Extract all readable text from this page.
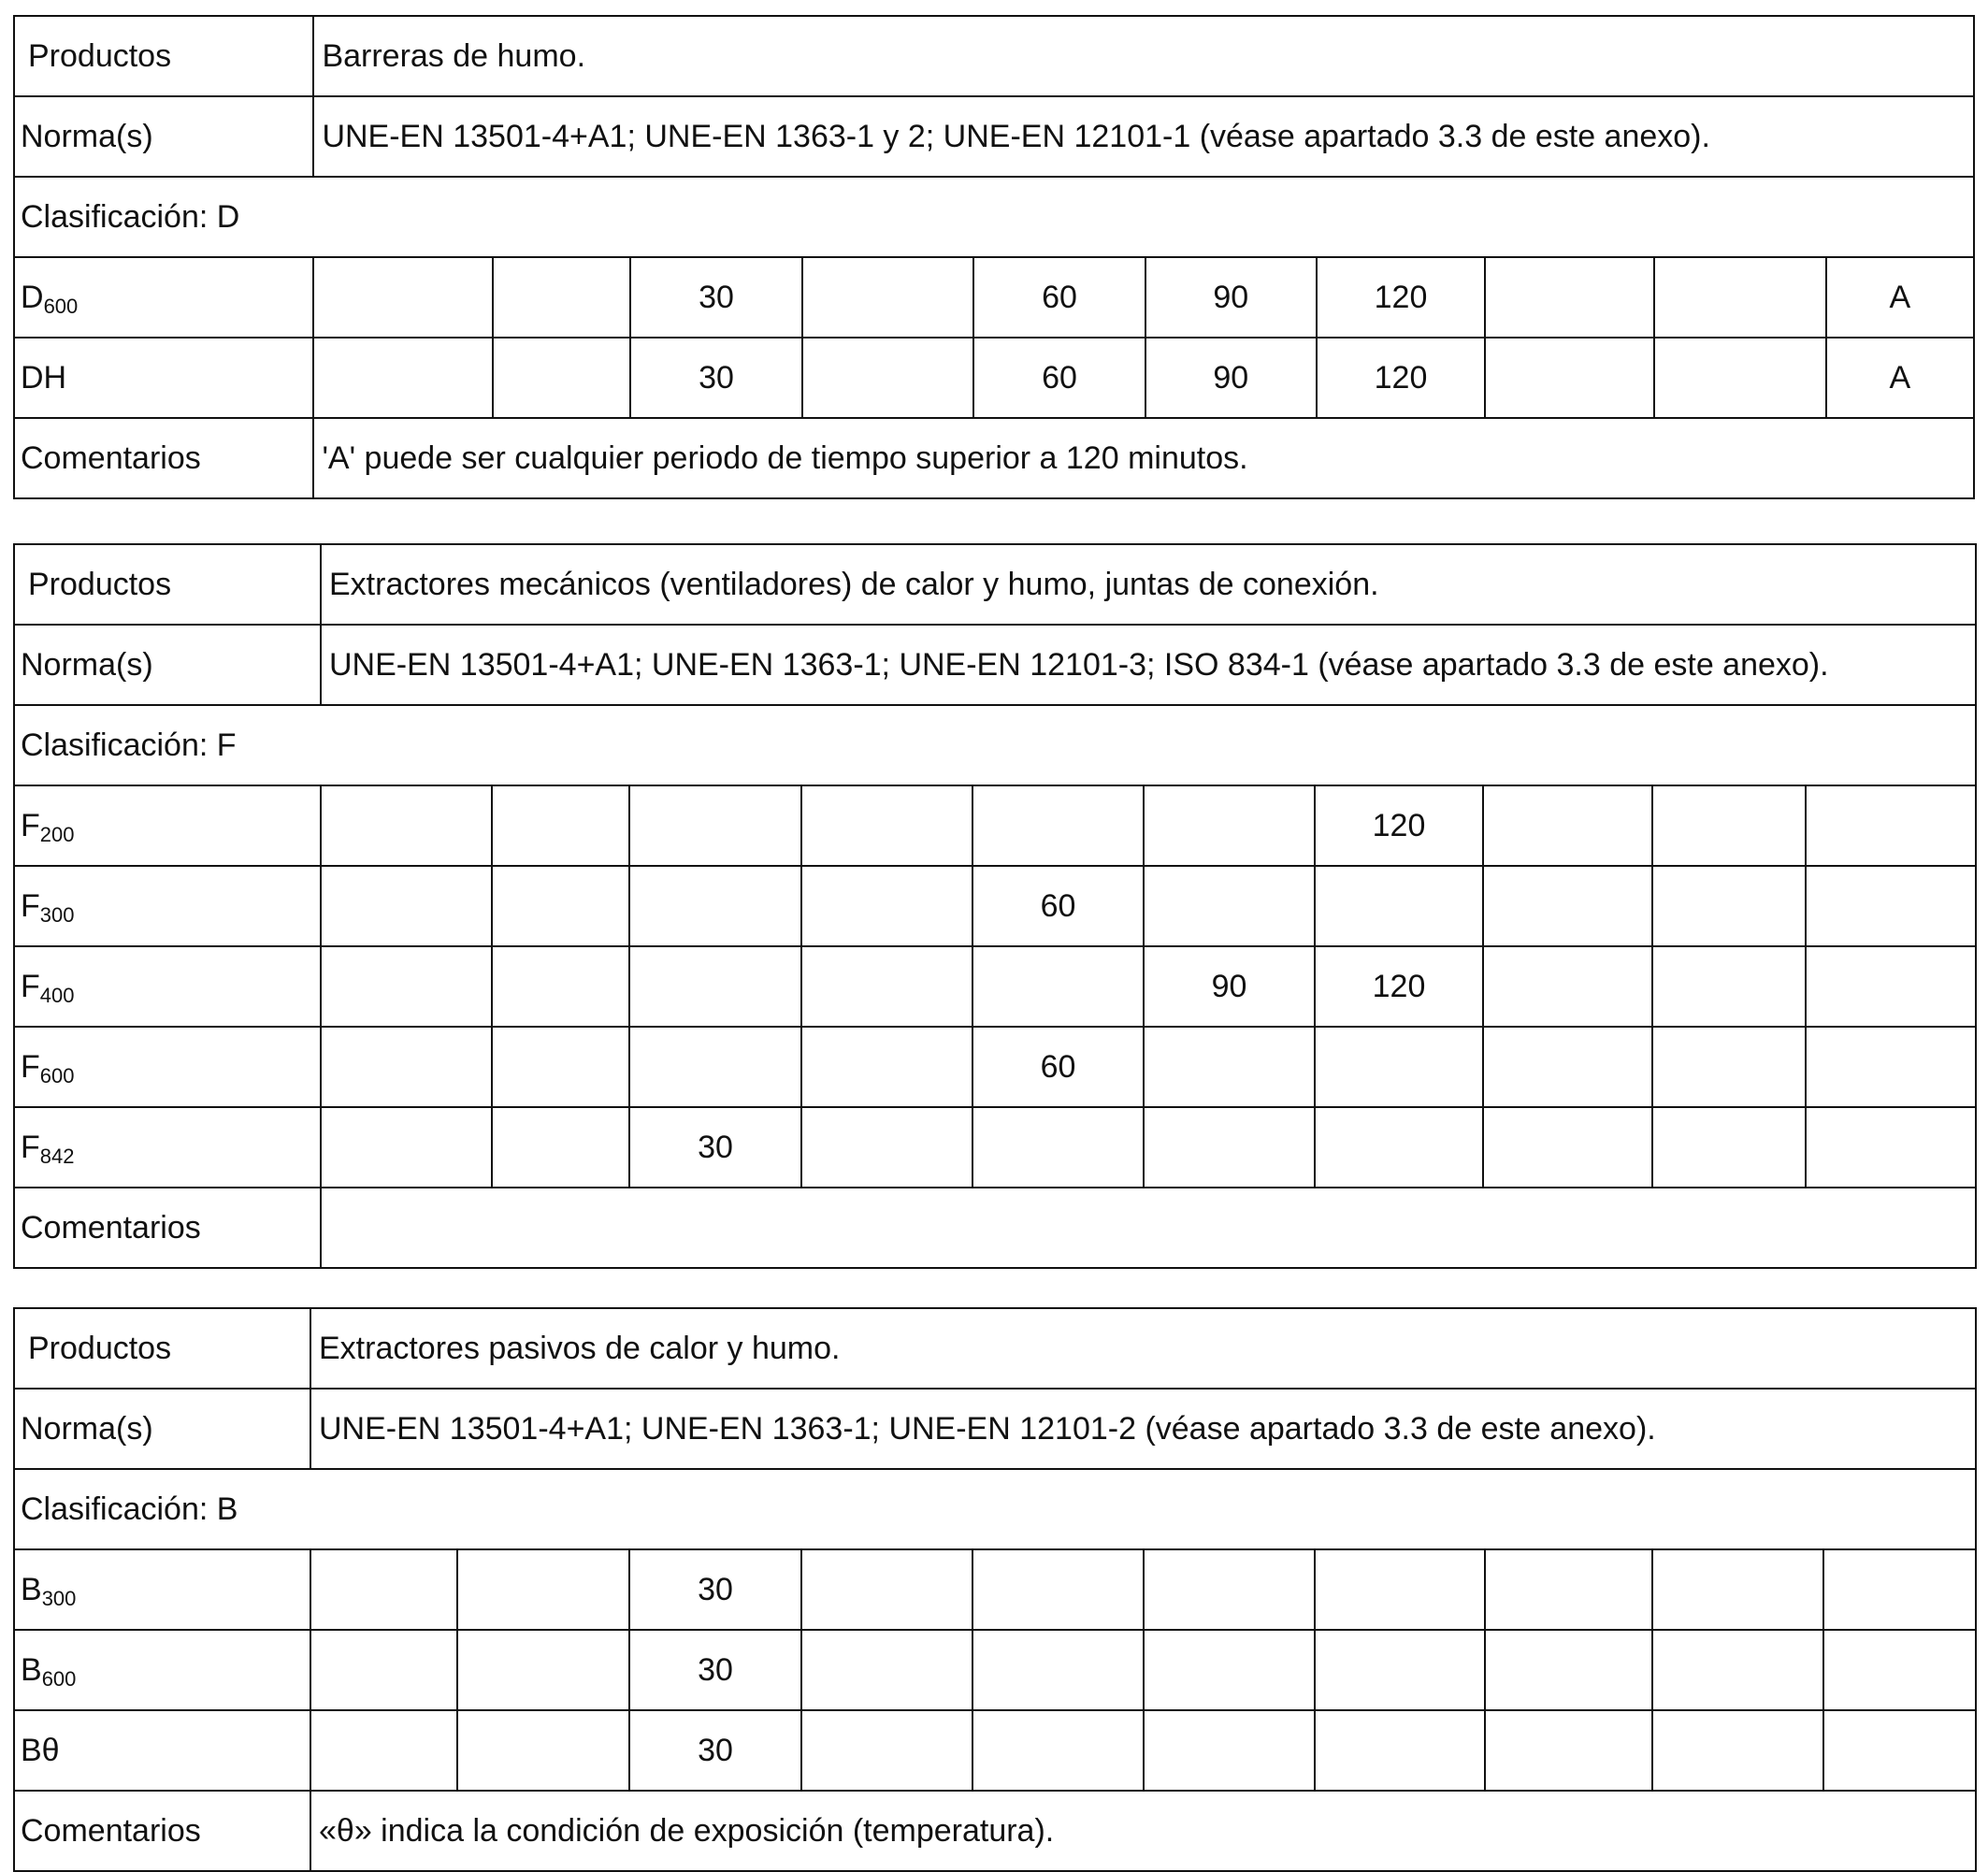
Productos	Barreras de humo.									
Norma(s)	UNE-EN 13501-4+A1; UNE-EN 1363-1 y 2; UNE-EN 12101-1 (véase apartado 3.3 de este anexo).									
Clasificación: D										
$D_{600}$			30		60	90	120			A
DH			30		60	90	120			A
Comentarios	'A' puede ser cualquier periodo de tiempo superior a 120 minutos.									
Productos	Extractores mecánicos (ventiladores) de calor y humo, juntas de conexión.									
Norma(s)	UNE-EN 13501-4+A1; UNE-EN 1363-1; UNE-EN 12101-3; ISO 834-1 (véase apartado 3.3 de este anexo).									
Clasificación: F										
$F_{200}$							120			
$F_{300}$					60					
$F_{400}$						90	120			
$F_{600}$					60					
$F_{842}$			30							
Comentarios										
Productos	Extractores pasivos de calor y humo.									
Norma(s)	UNE-EN 13501-4+A1; UNE-EN 1363-1; UNE-EN 12101-2 (véase apartado 3.3 de este anexo).									
Clasificación: B										
$B_{300}$			30							
$B_{600}$			30							
Bθ			30							
Comentarios	«θ» indica la condición de exposición (temperatura).									
